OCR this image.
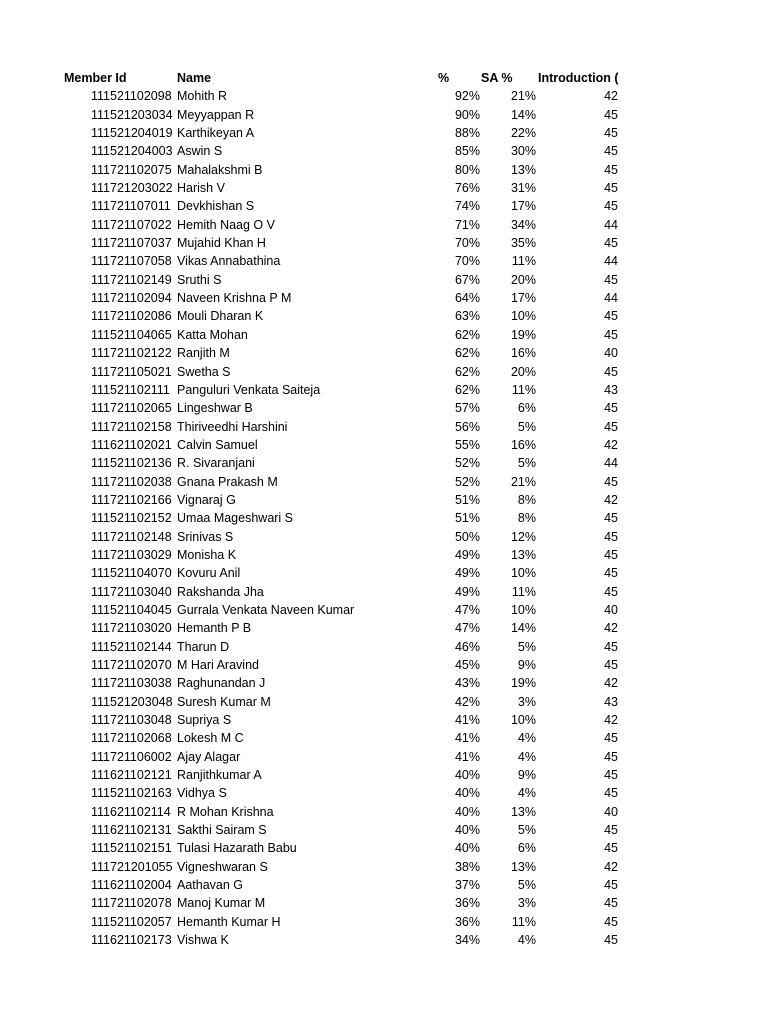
Member Id	Name	%	SA %	Introduction (
111521102098 Mohith R	92%	21%	42
111521203034 Meyyappan R	90%	14%	45
111521204019 Karthikeyan A	88%	22%	45
111521204003 Aswin S	85%	30%	45
111721102075 Mahalakshmi B	80%	13%	45
111721203022 Harish V	76%	31%	45
111721107011 Devkhishan S	74%	17%	45
111721107022 Hemith Naag O V	71%	34%	44
111721107037 Mujahid Khan H	70%	35%	45
111721107058 Vikas Annabathina	70%	11%	44
111721102149 Sruthi S	67%	20%	45
111721102094 Naveen Krishna P M	64%	17%	44
111721102086 Mouli Dharan K	63%	10%	45
111521104065 Katta Mohan	62%	19%	45
111721102122 Ranjith M	62%	16%	40
111721105021 Swetha S	62%	20%	45
111521102111 Panguluri Venkata Saiteja	62%	11%	43
111721102065 Lingeshwar B	57%	6%	45
111721102158 Thiriveedhi Harshini	56%	5%	45
111621102021 Calvin Samuel	55%	16%	42
111521102136 R. Sivaranjani	52%	5%	44
111721102038 Gnana Prakash M	52%	21%	45
111721102166 Vignaraj G	51%	8%	42
111521102152 Umaa Mageshwari S	51%	8%	45
111721102148 Srinivas S	50%	12%	45
111721103029 Monisha K	49%	13%	45
111521104070 Kovuru Anil	49%	10%	45
111721103040 Rakshanda Jha	49%	11%	45
111521104045 Gurrala Venkata Naveen Kumar	47%	10%	40
111721103020 Hemanth P B	47%	14%	42
111521102144 Tharun D	46%	5%	45
111721102070 M Hari Aravind	45%	9%	45
111721103038 Raghunandan J	43%	19%	42
111521203048 Suresh Kumar M	42%	3%	43
111721103048 Supriya S	41%	10%	42
111721102068 Lokesh M C	41%	4%	45
111721106002 Ajay Alagar	41%	4%	45
111621102121 Ranjithkumar A	40%	9%	45
111521102163 Vidhya S	40%	4%	45
111621102114 R Mohan Krishna	40%	13%	40
111621102131 Sakthi Sairam S	40%	5%	45
111521102151 Tulasi Hazarath Babu	40%	6%	45
111721201055 Vigneshwaran S	38%	13%	42
111621102004 Aathavan G	37%	5%	45
111721102078 Manoj Kumar M	36%	3%	45
111521102057 Hemanth Kumar H	36%	11%	45
111621102173 Vishwa K	34%	4%	45
